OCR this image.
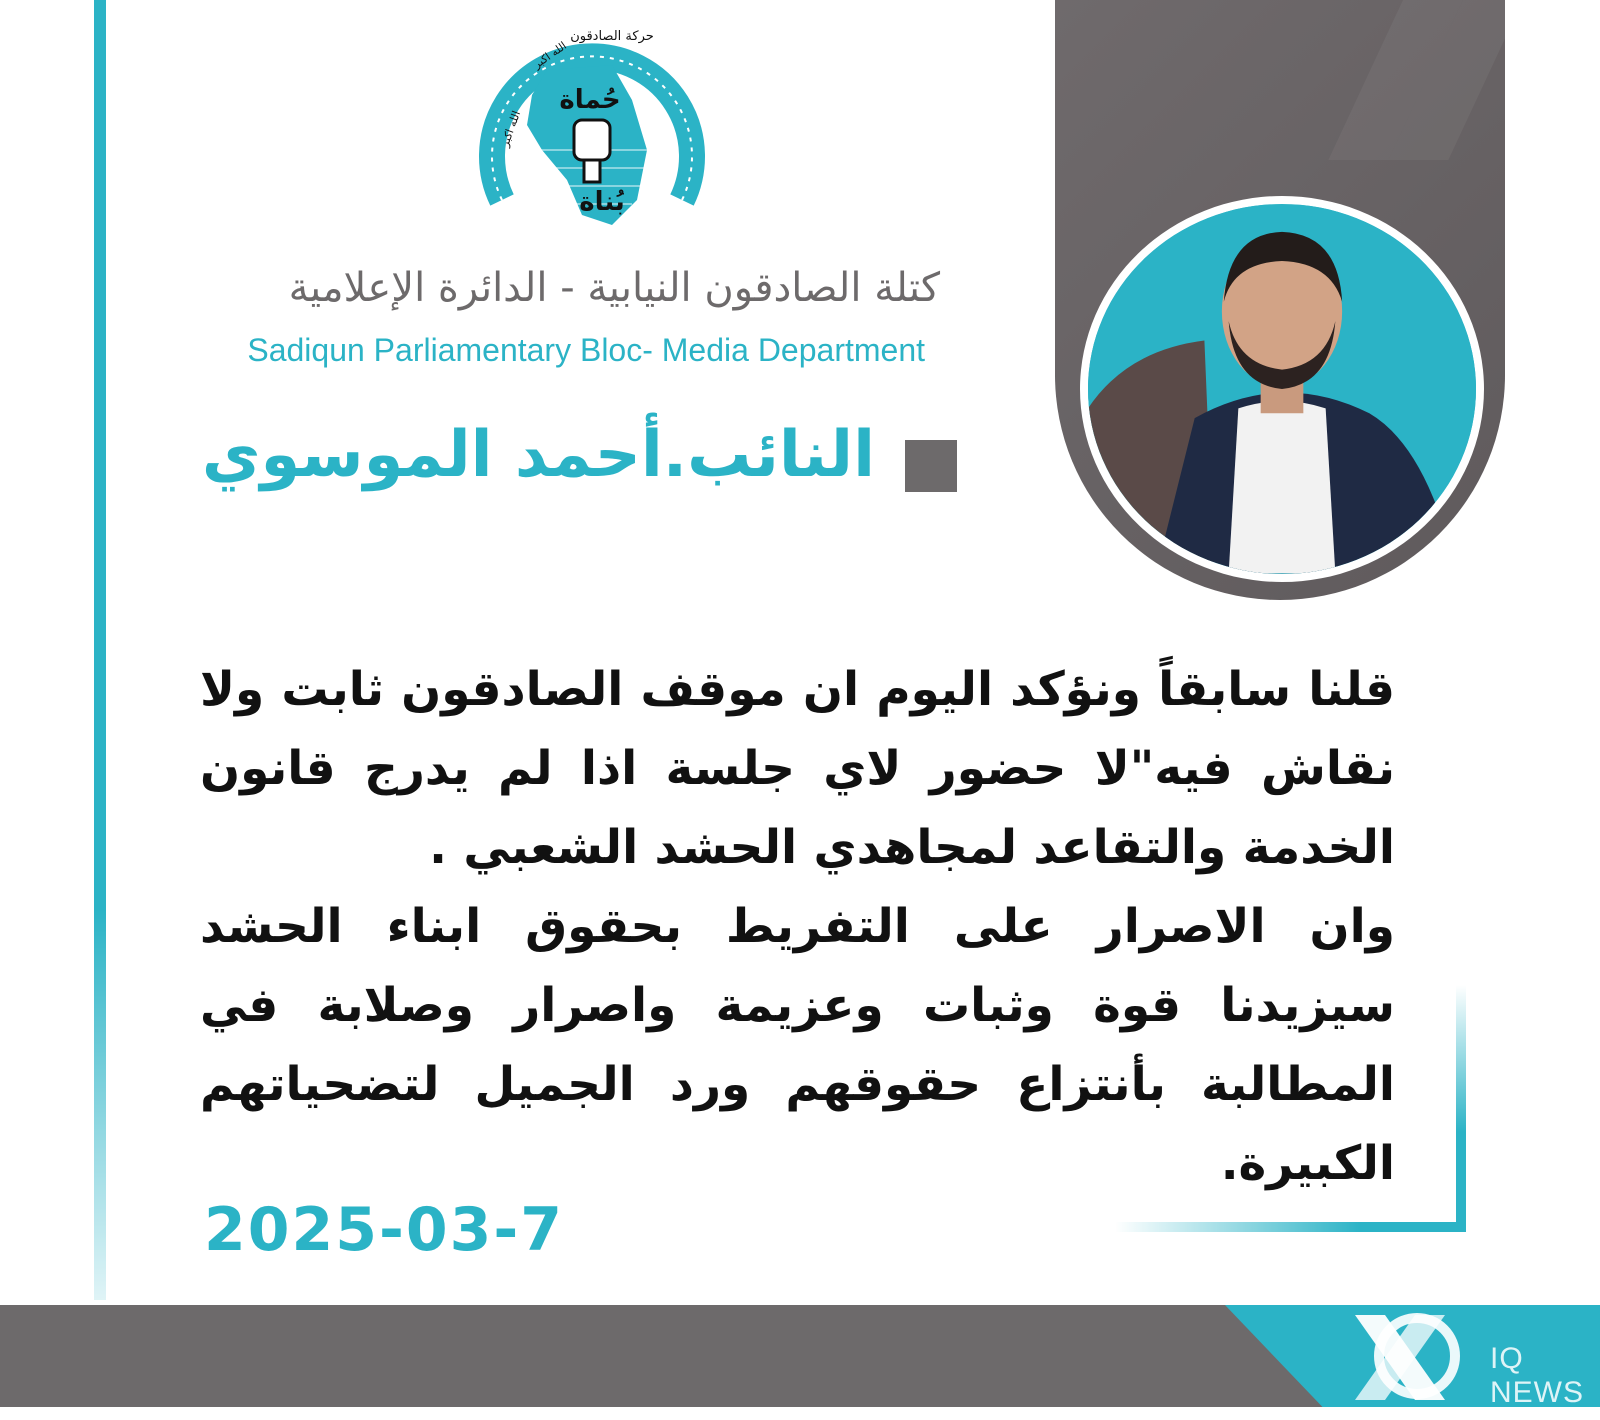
حُماة
بُناة
حركة الصادقون
الله اكبر
الله اكبر
كتلة الصادقون النيابية - الدائرة الإعلامية
Sadiqun Parliamentary Bloc- Media Department
النائب.أحمد الموسوي

قلنا سابقاً ونؤكد اليوم ان موقف الصادقون ثابت ولا نقاش فيه"لا حضور لاي جلسة اذا لم يدرج قانون الخدمة والتقاعد لمجاهدي الحشد الشعبي .

وان الاصرار على التفريط بحقوق ابناء الحشد سيزيدنا قوة وثبات وعزيمة واصرار وصلابة في المطالبة بأنتزاع حقوقهم ورد الجميل لتضحياتهم الكبيرة.

2025-03-7
IQ NEWS
